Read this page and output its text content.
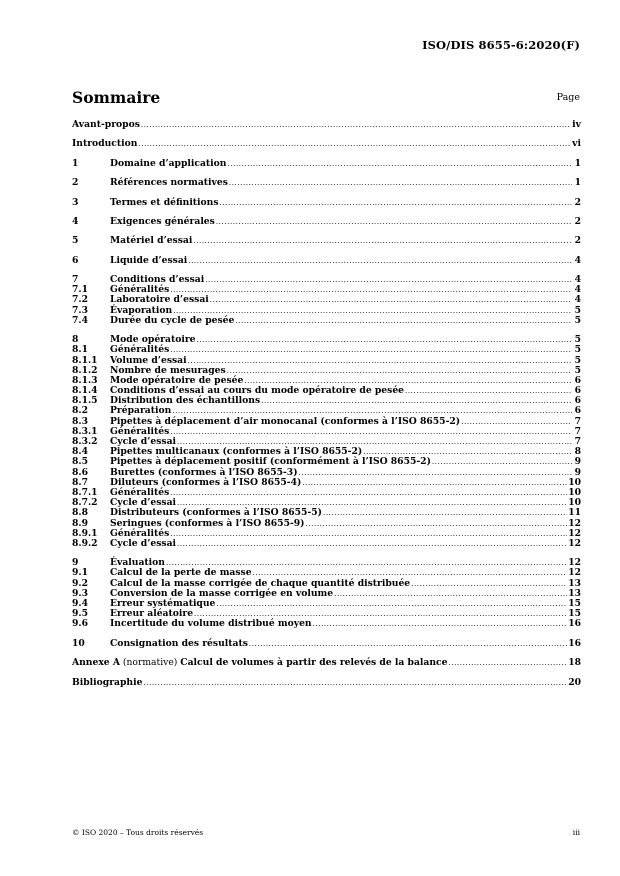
ISO/DIS 8655-6:2020(F)
Sommaire	Page
Avant-propos .....	iv
Introduction .....	vi
1	Domaine d’application .....	1
2	Références normatives .....	1
3	Termes et définitions .....	2
4	Exigences générales .....	2
5	Matériel d’essai .....	2
6	Liquide d’essai .....	4
7	Conditions d’essai .....	4
7.1	Généralités .....	4
7.2	Laboratoire d’essai .....	4
7.3	Évaporation .....	5
7.4	Durée du cycle de pesée .....	5
8	Mode opératoire .....	5
8.1	Généralités .....	5
8.1.1	Volume d’essai .....	5
8.1.2	Nombre de mesurages .....	5
8.1.3	Mode opératoire de pesée .....	6
8.1.4	Conditions d’essai au cours du mode opératoire de pesée .....	6
8.1.5	Distribution des échantillons .....	6
8.2	Préparation .....	6
8.3	Pipettes à déplacement d’air monocanal (conformes à l’ISO 8655-2) .....	7
8.3.1	Généralités .....	7
8.3.2	Cycle d’essai .....	7
8.4	Pipettes multicanaux (conformes à l’ISO 8655-2) .....	8
8.5	Pipettes à déplacement positif (conformément à l’ISO 8655-2) .....	9
8.6	Burettes (conformes à l’ISO 8655-3) .....	9
8.7	Diluteurs (conformes à l’ISO 8655-4) .....	10
8.7.1	Généralités .....	10
8.7.2	Cycle d’essai .....	10
8.8	Distributeurs (conformes à l’ISO 8655-5) .....	11
8.9	Seringues (conformes à l’ISO 8655-9) .....	12
8.9.1	Généralités .....	12
8.9.2	Cycle d’essai .....	12
9	Évaluation .....	12
9.1	Calcul de la perte de masse .....	12
9.2	Calcul de la masse corrigée de chaque quantité distribuée .....	13
9.3	Conversion de la masse corrigée en volume .....	13
9.4	Erreur systématique .....	15
9.5	Erreur aléatoire .....	15
9.6	Incertitude du volume distribué moyen .....	16
10	Consignation des résultats .....	16
Annexe A (normative) Calcul de volumes à partir des relevés de la balance .....	18
Bibliographie .....	20
© ISO 2020 – Tous droits réservés	iii
